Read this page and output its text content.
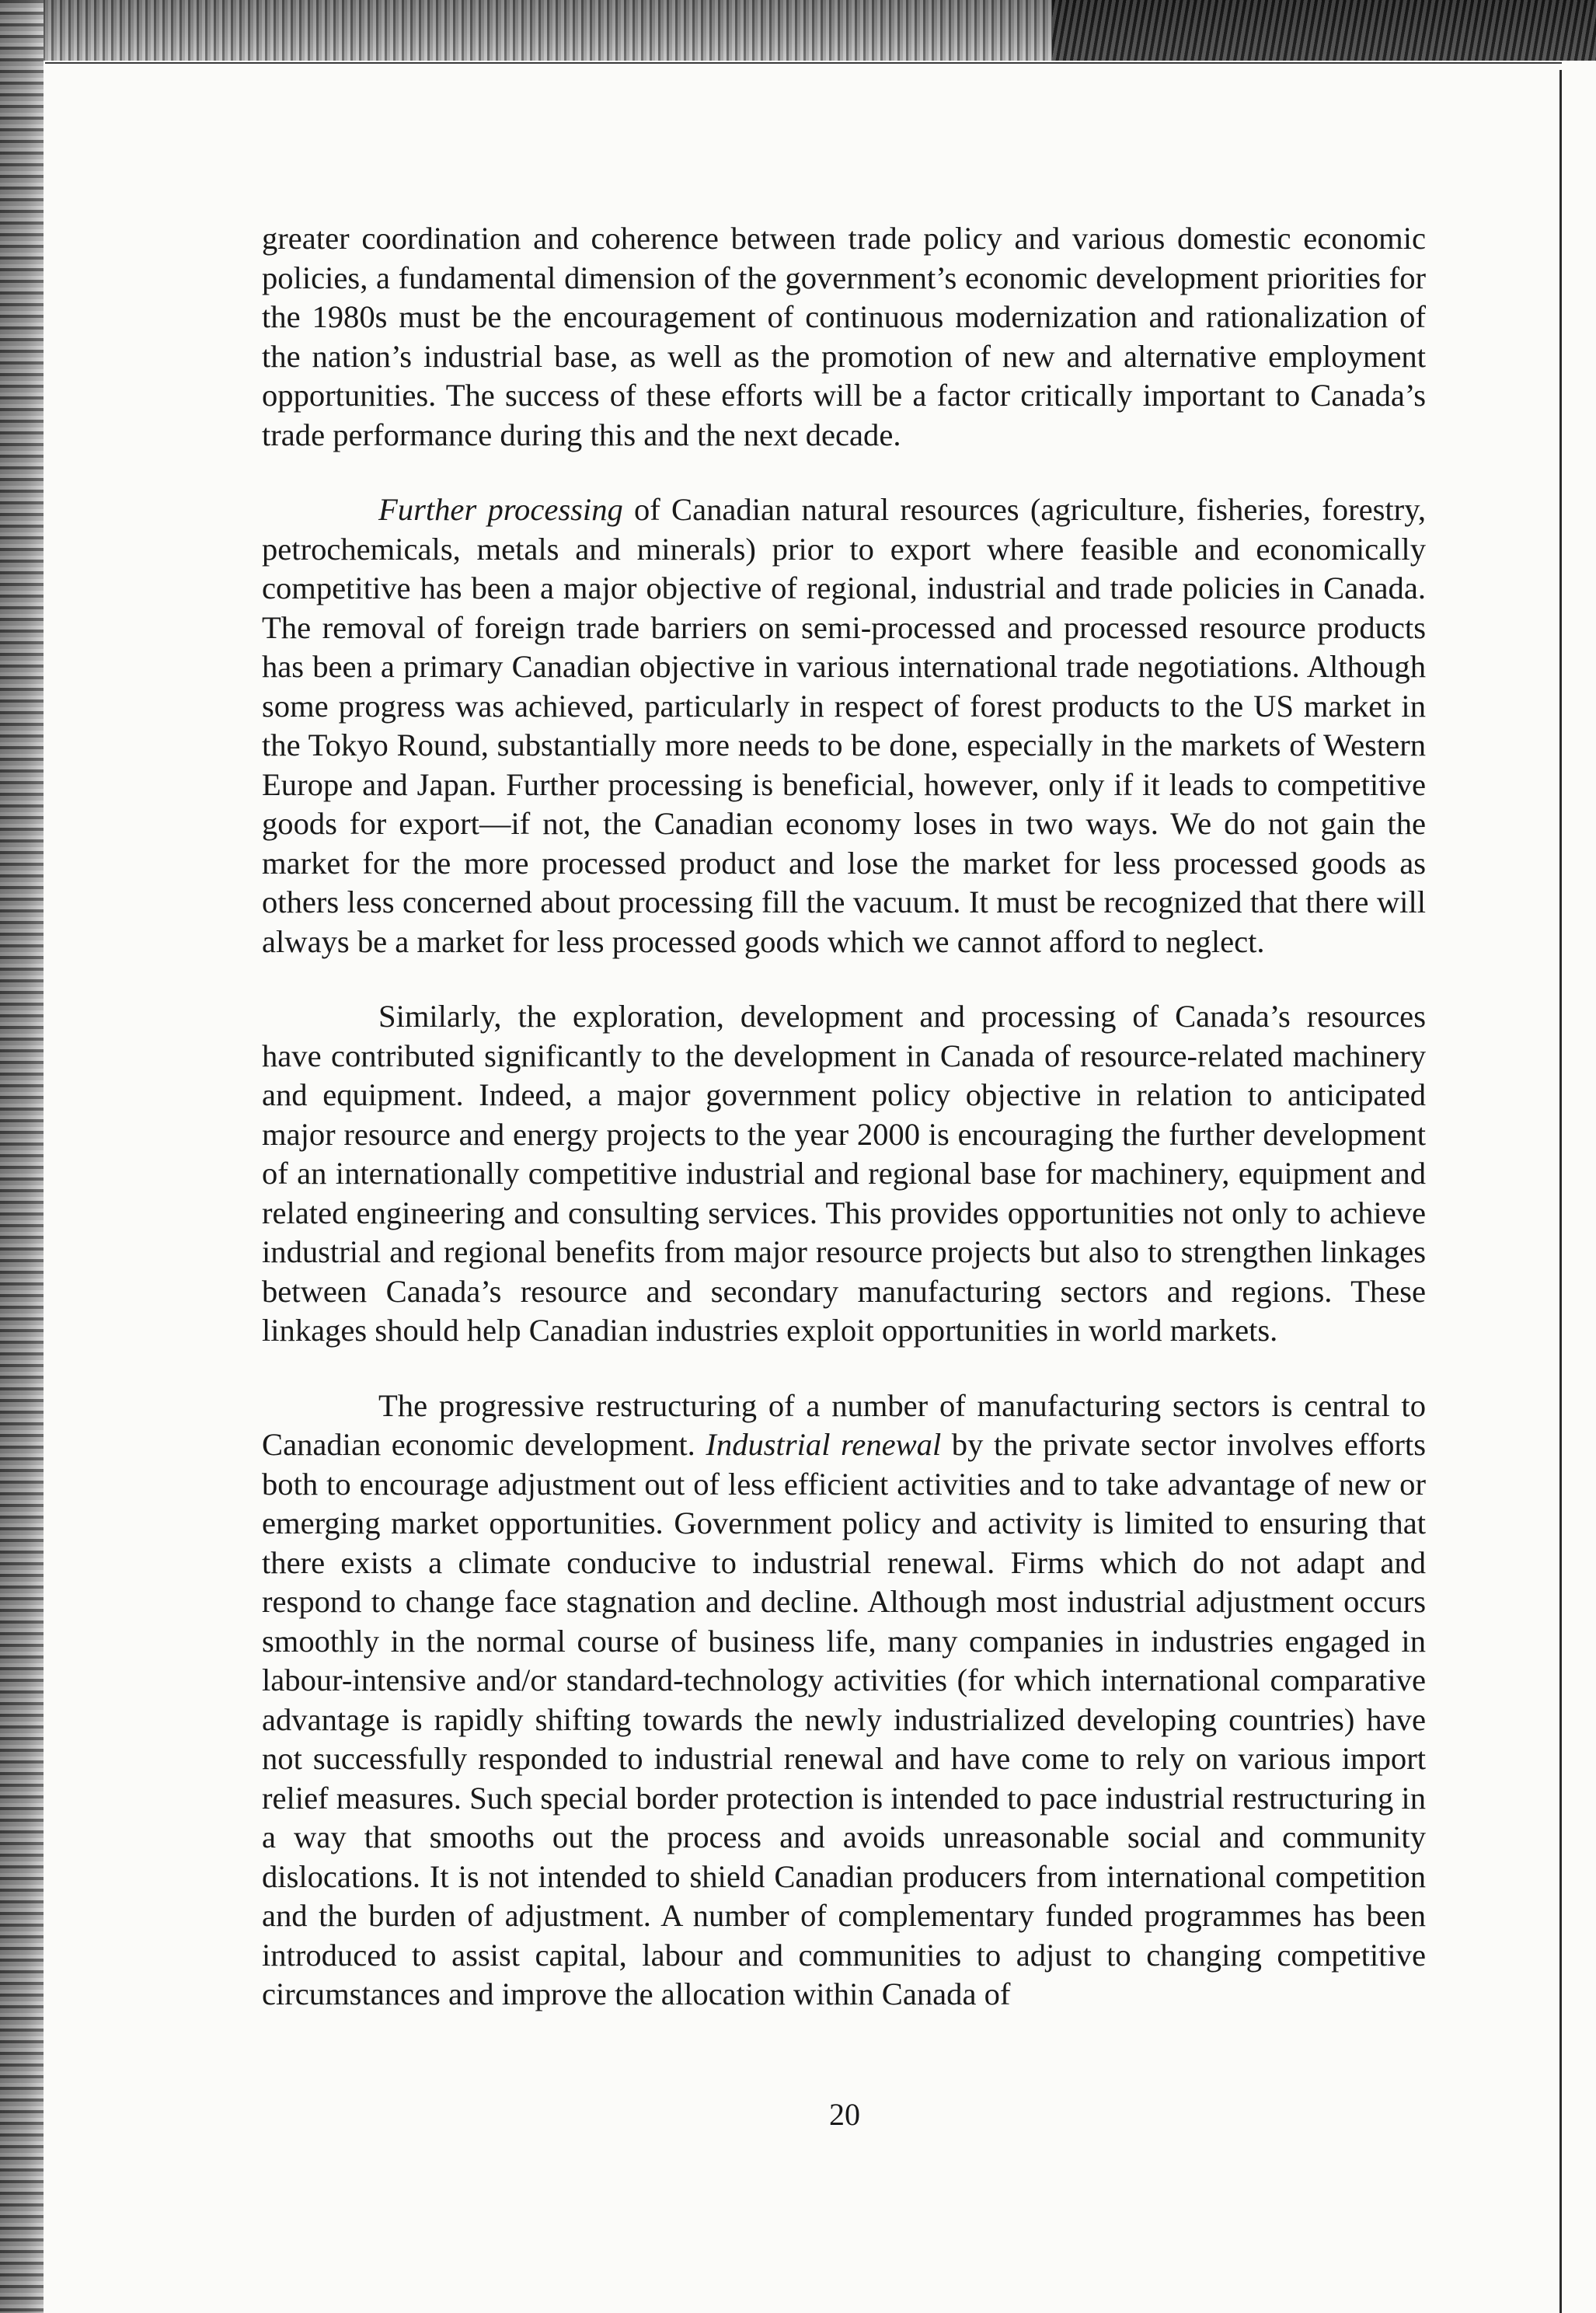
greater coordination and coherence between trade policy and various domestic economic policies, a fundamental dimension of the government’s economic development priorities for the 1980s must be the encouragement of continuous modernization and rationalization of the nation’s industrial base, as well as the promotion of new and alternative employment opportunities. The success of these efforts will be a factor critically important to Canada’s trade performance during this and the next decade.

Further processing of Canadian natural resources (agriculture, fisheries, forestry, petrochemicals, metals and minerals) prior to export where feasible and economically competitive has been a major objective of regional, industrial and trade policies in Canada. The removal of foreign trade barriers on semi-processed and processed resource products has been a primary Canadian objective in various international trade negotiations. Although some progress was achieved, particularly in respect of forest products to the US market in the Tokyo Round, substantially more needs to be done, especially in the markets of Western Europe and Japan. Further processing is beneficial, however, only if it leads to competitive goods for export—if not, the Canadian economy loses in two ways. We do not gain the market for the more processed product and lose the market for less processed goods as others less concerned about processing fill the vacuum. It must be recognized that there will always be a market for less processed goods which we cannot afford to neglect.

Similarly, the exploration, development and processing of Canada’s resources have contributed significantly to the development in Canada of resource-related machinery and equipment. Indeed, a major government policy objective in relation to anticipated major resource and energy projects to the year 2000 is encouraging the further development of an internationally competitive industrial and regional base for machinery, equipment and related engineering and consulting services. This provides opportunities not only to achieve industrial and regional benefits from major resource projects but also to strengthen linkages between Canada’s resource and secondary manufacturing sectors and regions. These linkages should help Canadian industries exploit opportunities in world markets.

The progressive restructuring of a number of manufacturing sectors is central to Canadian economic development. Industrial renewal by the private sector involves efforts both to encourage adjustment out of less efficient activities and to take advantage of new or emerging market opportunities. Government policy and activity is limited to ensuring that there exists a climate conducive to industrial renewal. Firms which do not adapt and respond to change face stagnation and decline. Although most industrial adjustment occurs smoothly in the normal course of business life, many companies in industries engaged in labour-intensive and/or standard-technology activities (for which international comparative advantage is rapidly shifting towards the newly industrialized developing countries) have not successfully responded to industrial renewal and have come to rely on various import relief measures. Such special border protection is intended to pace industrial restructuring in a way that smooths out the process and avoids unreasonable social and community dislocations. It is not intended to shield Canadian producers from international competition and the burden of adjustment. A number of complementary funded programmes has been introduced to assist capital, labour and communities to adjust to changing competitive circumstances and improve the allocation within Canada of

20
